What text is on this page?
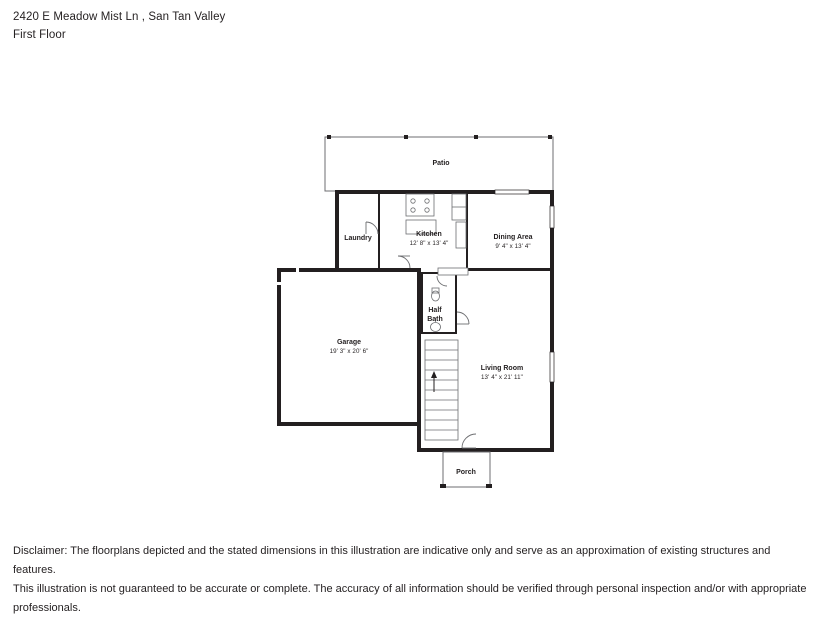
2420 E Meadow Mist Ln , San Tan Valley
First Floor
Patio
Kitchen
12' 8" x 13' 4"
Laundry	Dining Area
9' 4" x 13' 4"
Half
Bath
Garage
19' 3" x 20' 6"
Living Room
13' 4" x 21' 11"
Porch
Disclaimer: The floorplans depicted and the stated dimensions in this illustration are indicative only and serve as an approximation of existing structures and features.
This illustration is not guaranteed to be accurate or complete. The accuracy of all information should be verified through personal inspection and/or with appropriate professionals.
